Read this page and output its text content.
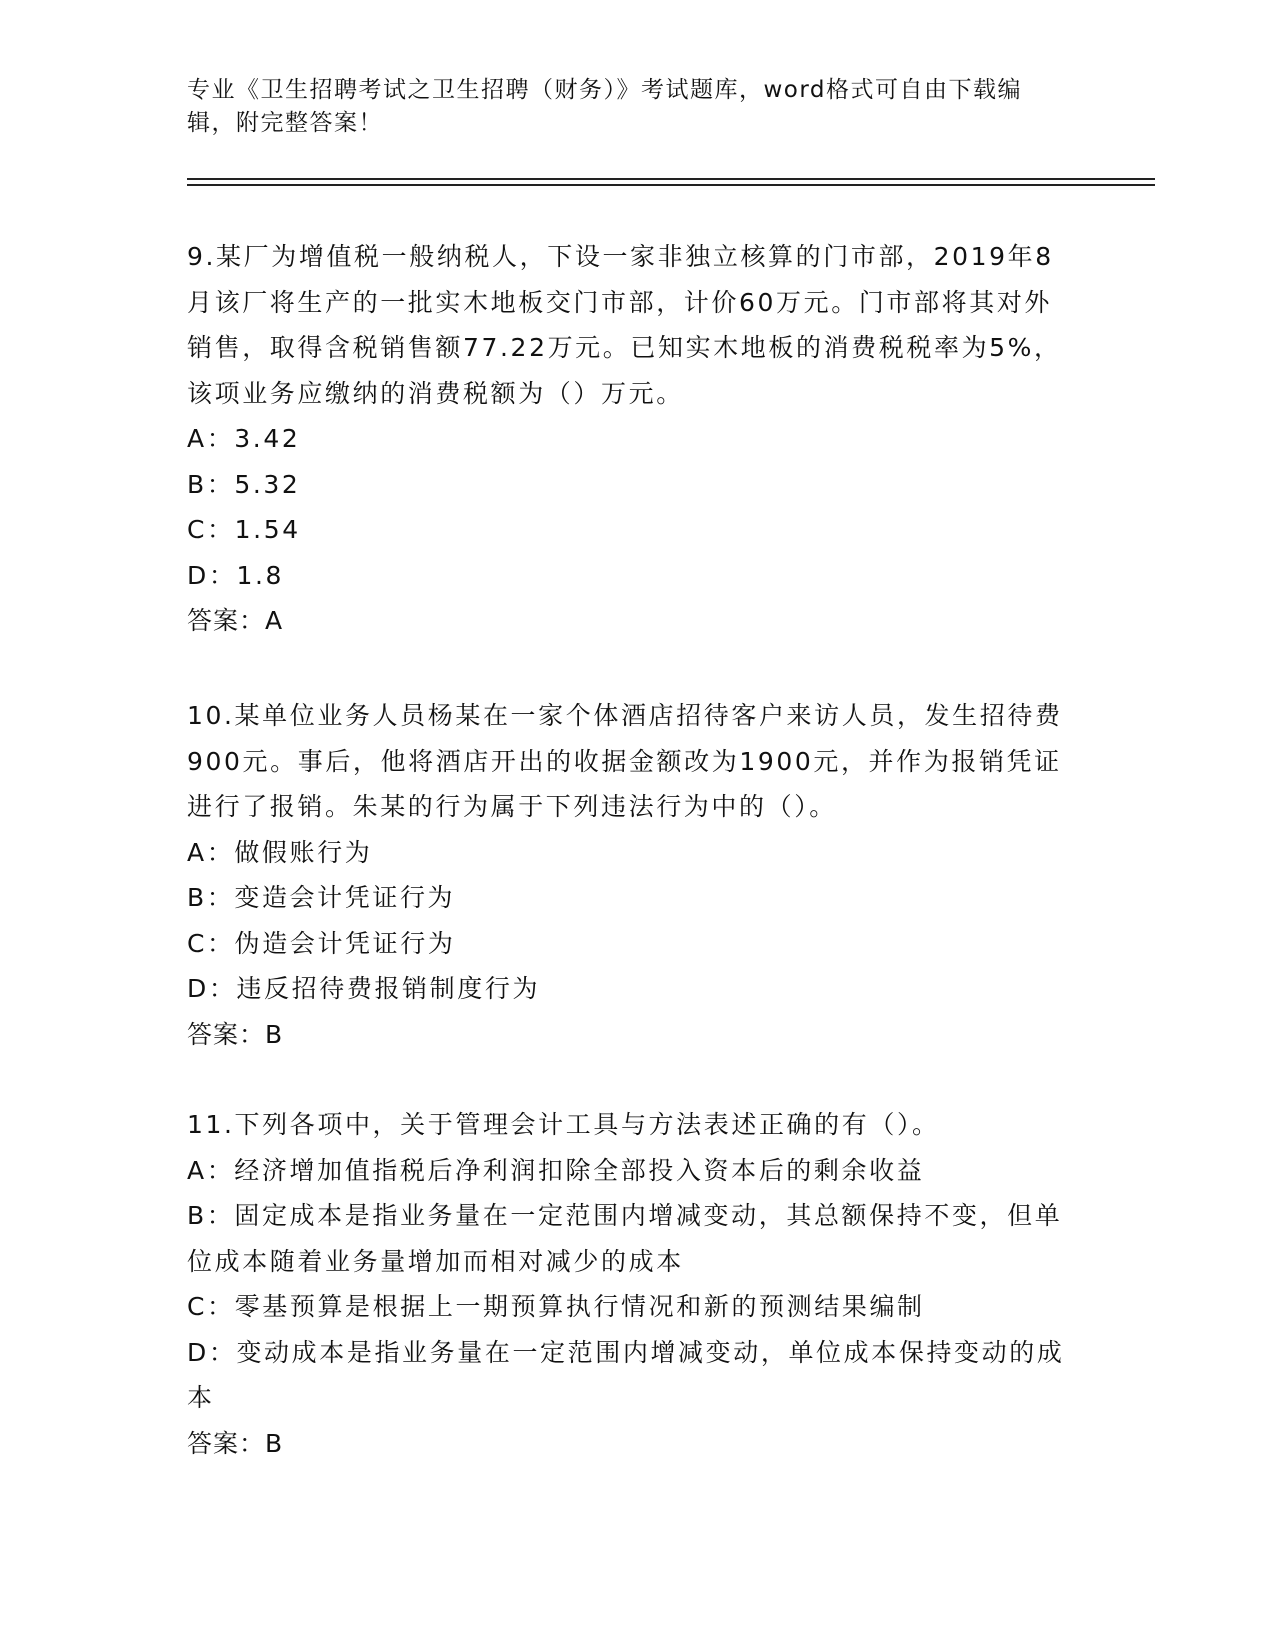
专业《卫生招聘考试之卫生招聘（财务）》考试题库，word格式可自由下载编辑，附完整答案！

9.某厂为增值税一般纳税人，下设一家非独立核算的门市部，2019年8月该厂将生产的一批实木地板交门市部，计价60万元。门市部将其对外销售，取得含税销售额77.22万元。已知实木地板的消费税税率为5%，该项业务应缴纳的消费税额为（）万元。

A：3.42

B：5.32

C：1.54

D：1.8

答案：A

10.某单位业务人员杨某在一家个体酒店招待客户来访人员，发生招待费900元。事后，他将酒店开出的收据金额改为1900元，并作为报销凭证进行了报销。朱某的行为属于下列违法行为中的（）。

A：做假账行为

B：变造会计凭证行为

C：伪造会计凭证行为

D：违反招待费报销制度行为

答案：B

11.下列各项中，关于管理会计工具与方法表述正确的有（）。

A：经济增加值指税后净利润扣除全部投入资本后的剩余收益

B：固定成本是指业务量在一定范围内增减变动，其总额保持不变，但单位成本随着业务量增加而相对减少的成本

C：零基预算是根据上一期预算执行情况和新的预测结果编制

D：变动成本是指业务量在一定范围内增减变动，单位成本保持变动的成本

答案：B
